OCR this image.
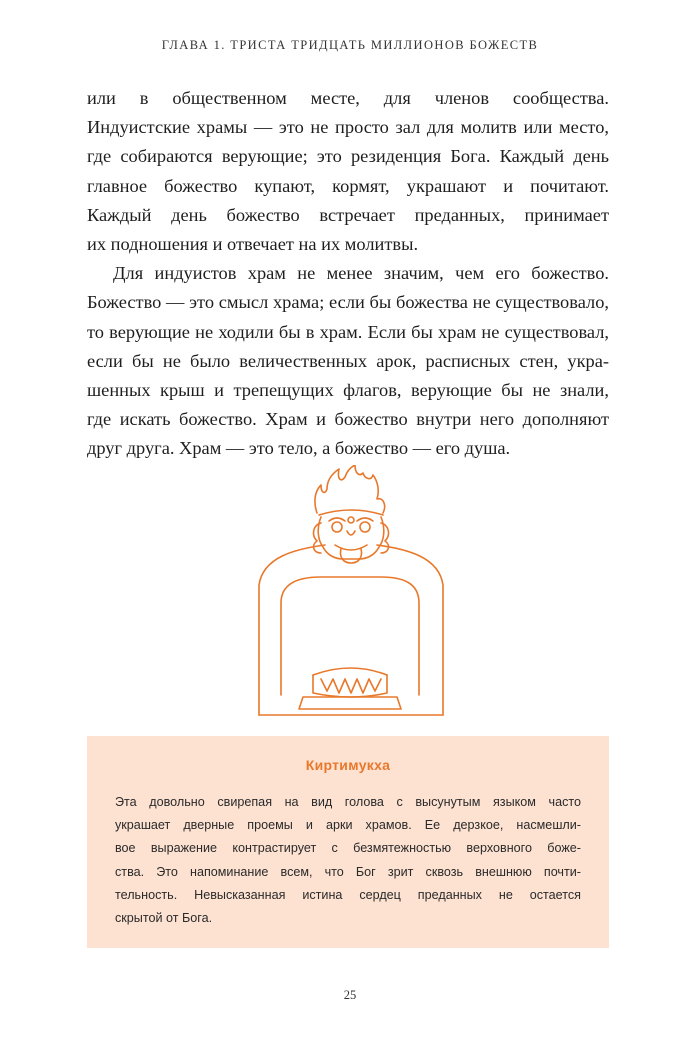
ГЛАВА 1. ТРИСТА ТРИДЦАТЬ МИЛЛИОНОВ БОЖЕСТВ
или в общественном месте, для членов сообщества.
Индуистские храмы — это не просто зал для молитв или место,
где собираются верующие; это резиденция Бога. Каждый день
главное божество купают, кормят, украшают и почитают.
Каждый день божество встречает преданных, принимает
их подношения и отвечает на их молитвы.
Для индуистов храм не менее значим, чем его божество.
Божество — это смысл храма; если бы божества не существовало,
то верующие не ходили бы в храм. Если бы храм не существовал,
если бы не было величественных арок, расписных стен, укра-
шенных крыш и трепещущих флагов, верующие бы не знали,
где искать божество. Храм и божество внутри него дополняют
друг друга. Храм — это тело, а божество — его душа.
Киртимукха
Эта довольно свирепая на вид голова с высунутым языком часто
украшает дверные проемы и арки храмов. Ее дерзкое, насмешли-
вое выражение контрастирует с безмятежностью верховного боже-
ства. Это напоминание всем, что Бог зрит сквозь внешнюю почти-
тельность. Невысказанная истина сердец преданных не остается
скрытой от Бога.
25
